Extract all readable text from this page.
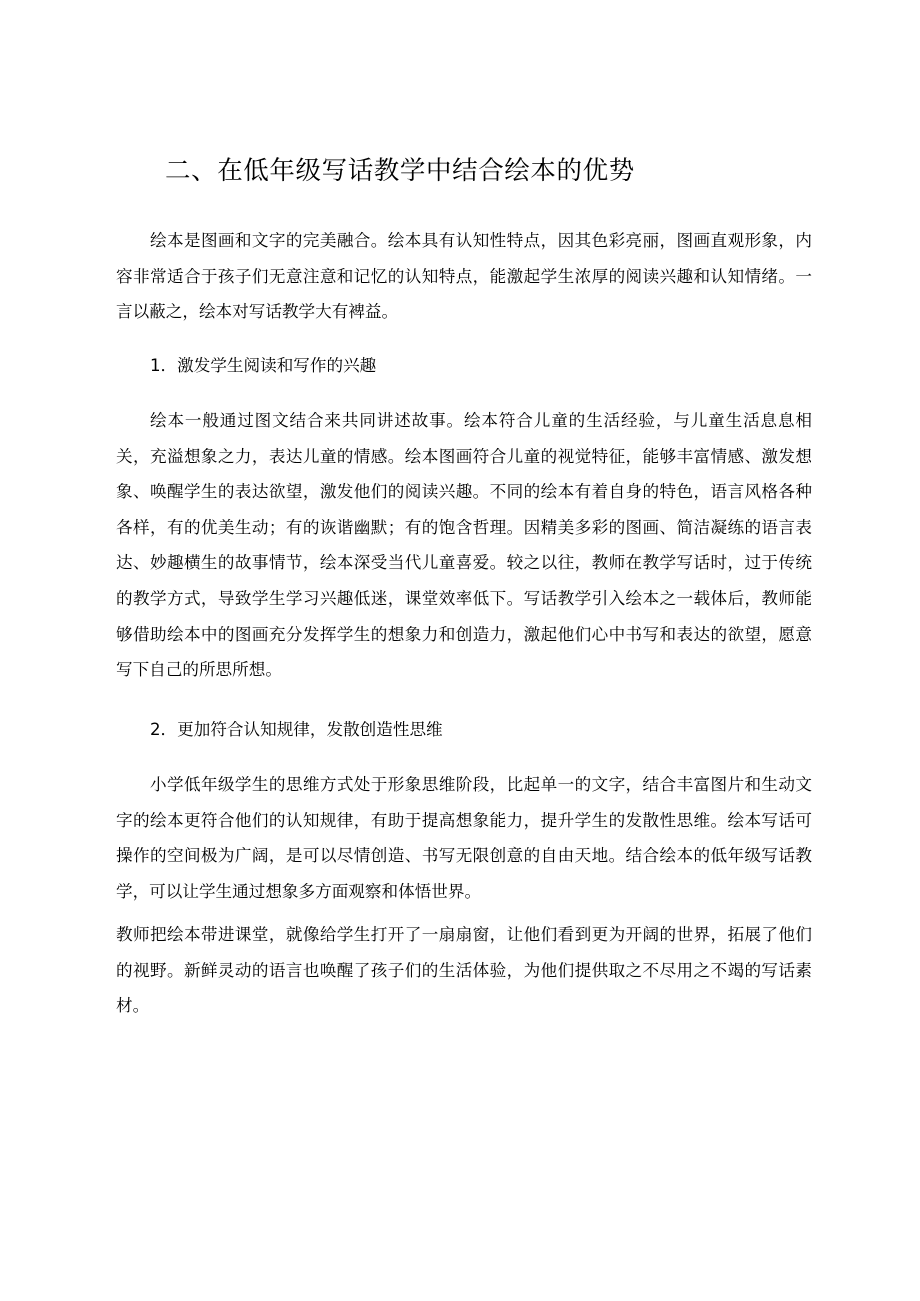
二、在低年级写话教学中结合绘本的优势

绘本是图画和文字的完美融合。绘本具有认知性特点，因其色彩亮丽，图画直观形象，内容非常适合于孩子们无意注意和记忆的认知特点，能激起学生浓厚的阅读兴趣和认知情绪。一言以蔽之，绘本对写话教学大有裨益。

1．激发学生阅读和写作的兴趣

绘本一般通过图文结合来共同讲述故事。绘本符合儿童的生活经验，与儿童生活息息相关，充溢想象之力，表达儿童的情感。绘本图画符合儿童的视觉特征，能够丰富情感、激发想象、唤醒学生的表达欲望，激发他们的阅读兴趣。不同的绘本有着自身的特色，语言风格各种各样，有的优美生动；有的诙谐幽默；有的饱含哲理。因精美多彩的图画、简洁凝练的语言表达、妙趣横生的故事情节，绘本深受当代儿童喜爱。较之以往，教师在教学写话时，过于传统的教学方式，导致学生学习兴趣低迷，课堂效率低下。写话教学引入绘本之一载体后，教师能够借助绘本中的图画充分发挥学生的想象力和创造力，激起他们心中书写和表达的欲望，愿意写下自己的所思所想。

2．更加符合认知规律，发散创造性思维

小学低年级学生的思维方式处于形象思维阶段，比起单一的文字，结合丰富图片和生动文字的绘本更符合他们的认知规律，有助于提高想象能力，提升学生的发散性思维。绘本写话可操作的空间极为广阔，是可以尽情创造、书写无限创意的自由天地。结合绘本的低年级写话教学，可以让学生通过想象多方面观察和体悟世界。

教师把绘本带进课堂，就像给学生打开了一扇扇窗，让他们看到更为开阔的世界，拓展了他们的视野。新鲜灵动的语言也唤醒了孩子们的生活体验，为他们提供取之不尽用之不竭的写话素材。
